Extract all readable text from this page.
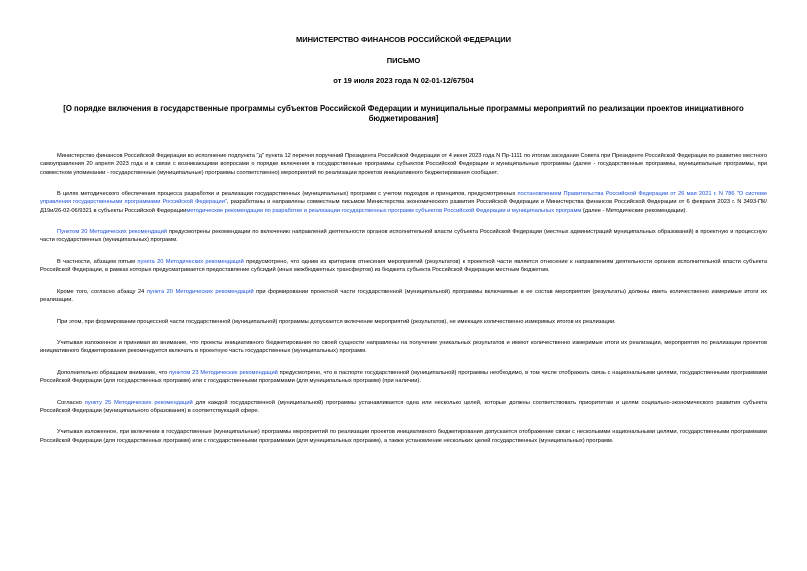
МИНИСТЕРСТВО ФИНАНСОВ РОССИЙСКОЙ ФЕДЕРАЦИИ
ПИСЬМО
от 19 июля 2023 года N 02-01-12/67504
[О порядке включения в государственные программы субъектов Российской Федерации и муниципальные программы мероприятий по реализации проектов инициативного бюджетирования]

Министерство финансов Российской Федерации во исполнение подпункта "д" пункта 12 перечня поручений Президента Российской Федерации от 4 июня 2023 года N Пр-1111 по итогам заседания Совета при Президенте Российской Федерации по развитию местного самоуправления 20 апреля 2023 года и в связи с возникающими вопросами о порядке включения в государственные программы субъектов Российской Федерации и муниципальные программы (далее - государственные программы, муниципальные программы, при совместном упоминании - государственные (муниципальные) программы соответственно) мероприятий по реализации проектов инициативного бюджетирования сообщает.

В целях методического обеспечения процесса разработки и реализации государственных (муниципальных) программ с учетом подходов и принципов, предусмотренных постановлением Правительства Российской Федерации от 26 мая 2021 г. N 786 "О системе управления государственными программами Российской Федерации", разработаны и направлены совместным письмом Министерства экономического развития Российской Федерации и Министерства финансов Российской Федерации от 6 февраля 2023 г. N 3493-ПК/Д19и/26-02-06/9321 в субъекты Российской Федерацииметодические рекомендации по разработке и реализации государственных программ субъектов Российской Федерации и муниципальных программ (далее - Методические рекомендации).

Пунктом 20 Методических рекомендаций предусмотрены рекомендации по включению направлений деятельности органов исполнительной власти субъекта Российской Федерации (местных администраций муниципальных образований) в проектную и процессную части государственных (муниципальных) программ.

В частности, абзацем пятым пункта 20 Методических рекомендаций предусмотрено, что одним из критериев отнесения мероприятий (результатов) к проектной части является отнесение к направлениям деятельности органов исполнительной власти субъекта Российской Федерации, в рамках которых предусматривается предоставление субсидий (иных межбюджетных трансфертов) из бюджета субъекта Российской Федерации местным бюджетам.

Кроме того, согласно абзацу 24 пункта 20 Методических рекомендаций при формировании проектной части государственной (муниципальной) программы включаемые в ее состав мероприятия (результаты) должны иметь количественно измеримые итоги их реализации.

При этом, при формировании процессной части государственной (муниципальной) программы допускается включение мероприятий (результатов), не имеющих количественно измеримых итогов их реализации.

Учитывая изложенное и принимая во внимание, что проекты инициативного бюджетирования по своей сущности направлены на получение уникальных результатов и имеют количественно измеримые итоги их реализации, мероприятия по реализации проектов инициативного бюджетирования рекомендуется включать в проектную часть государственных (муниципальных) программ.

Дополнительно обращаем внимание, что пунктом 23 Методических рекомендаций предусмотрено, что в паспорте государственной (муниципальной) программы необходимо, в том числе отображать связь с национальными целями, государственными программами Российской Федерации (для государственных программ) или с государственными программами (для муниципальных программ) (при наличии).

Согласно пункту 25 Методических рекомендаций для каждой государственной (муниципальной) программы устанавливается одна или несколько целей, которые должны соответствовать приоритетам и целям социально-экономического развития субъекта Российской Федерации (муниципального образования) в соответствующей сфере.

Учитывая изложенное, при включении в государственные (муниципальные) программы мероприятий по реализации проектов инициативного бюджетирования допускается отображение связи с несколькими национальными целями, государственными программами Российской Федерации (для государственных программ) или с государственными программами (для муниципальных программ), а также установление нескольких целей государственных (муниципальных) программ.
